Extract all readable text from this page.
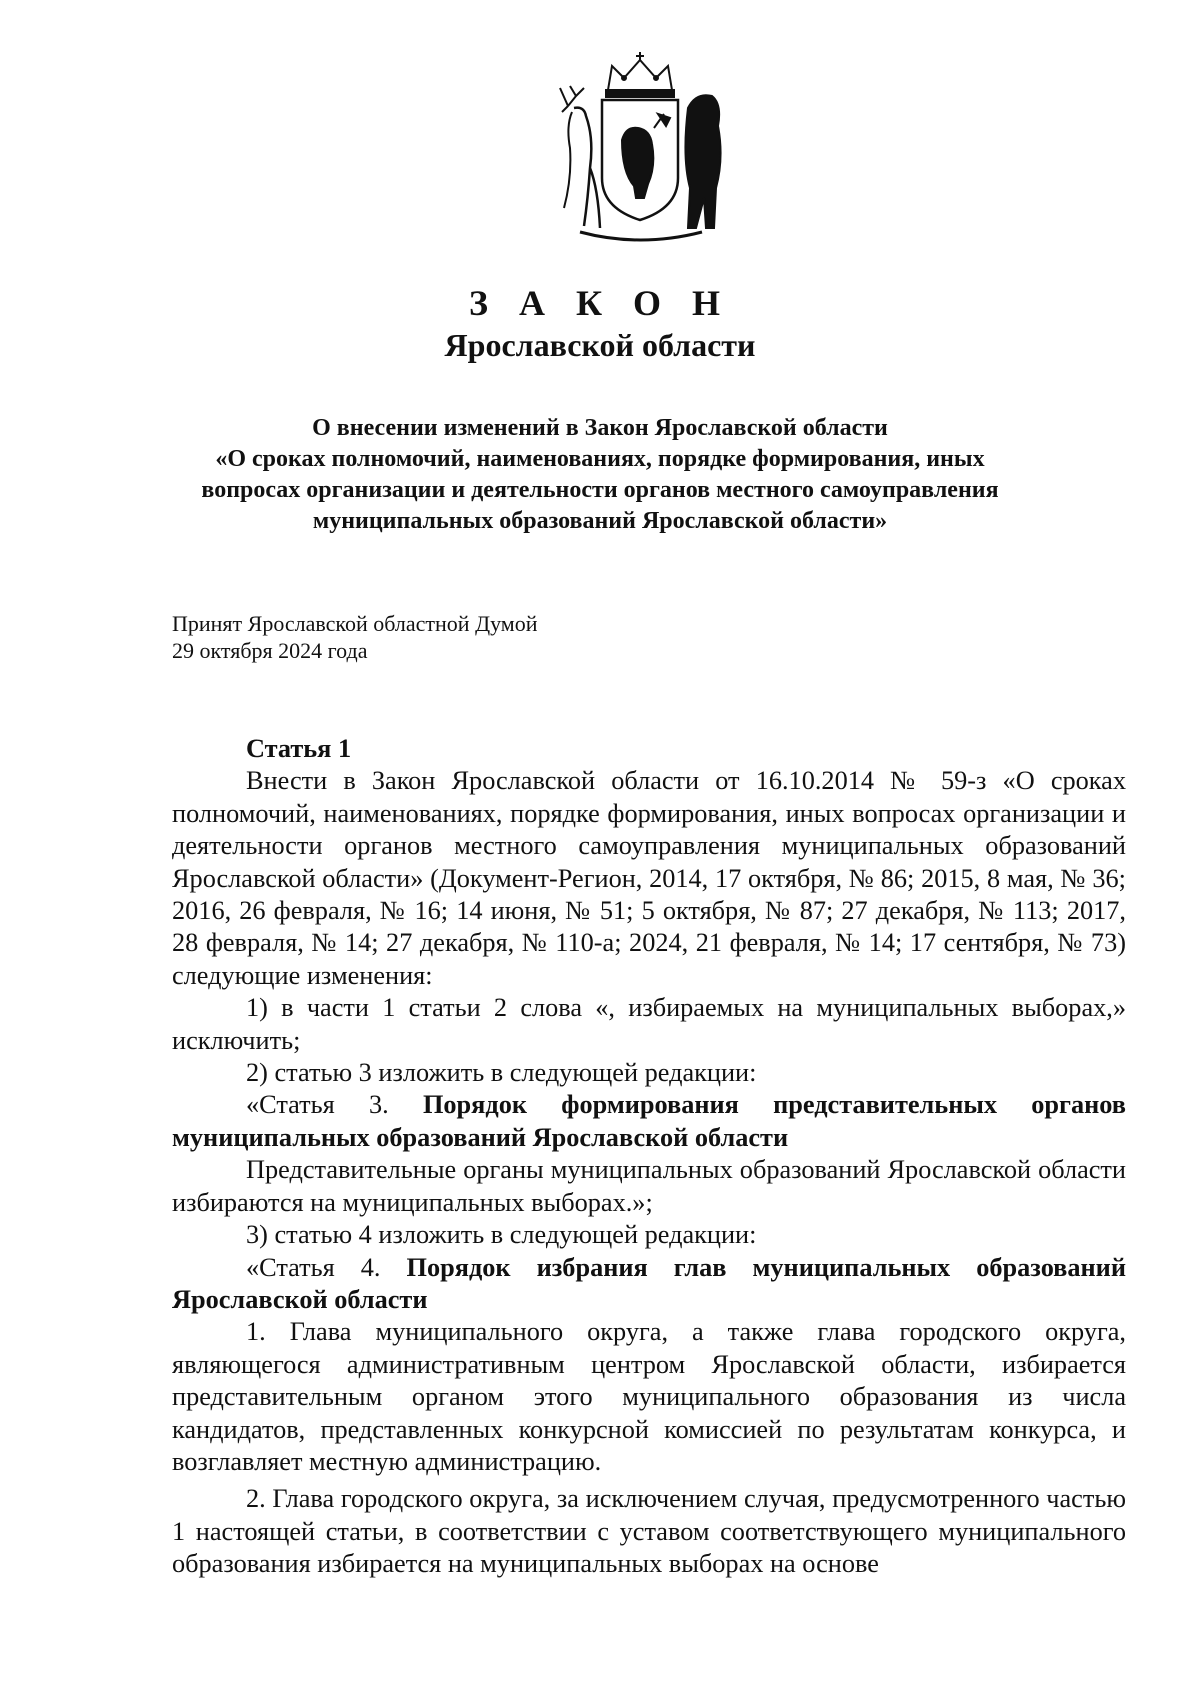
З А К О Н
Ярославской области
О внесении изменений в Закон Ярославской области
«О сроках полномочий, наименованиях, порядке формирования, иных
вопросах организации и деятельности органов местного самоуправления
муниципальных образований Ярославской области»
Принят Ярославской областной Думой
29 октября 2024 года

Статья 1

Внести в Закон Ярославской области от 16.10.2014 № 59-з «О сроках полномочий, наименованиях, порядке формирования, иных вопросах организации и деятельности органов местного самоуправления муниципальных образований Ярославской области» (Документ-Регион, 2014, 17 октября, № 86; 2015, 8 мая, № 36; 2016, 26 февраля, № 16; 14 июня, № 51; 5 октября, № 87; 27 декабря, № 113; 2017, 28 февраля, № 14; 27 декабря, № 110-а; 2024, 21 февраля, № 14; 17 сентября, № 73) следующие изменения:

1) в части 1 статьи 2 слова «, избираемых на муниципальных выборах,» исключить;

2) статью 3 изложить в следующей редакции:

«Статья 3. Порядок формирования представительных органов муниципальных образований Ярославской области

Представительные органы муниципальных образований Ярославской области избираются на муниципальных выборах.»;

3) статью 4 изложить в следующей редакции:

«Статья 4. Порядок избрания глав муниципальных образований Ярославской области

1. Глава муниципального округа, а также глава городского округа, являющегося административным центром Ярославской области, избирается представительным органом этого муниципального образования из числа кандидатов, представленных конкурсной комиссией по результатам конкурса, и возглавляет местную администрацию.

2. Глава городского округа, за исключением случая, предусмотренного частью 1 настоящей статьи, в соответствии с уставом соответствующего муниципального образования избирается на муниципальных выборах на основе
